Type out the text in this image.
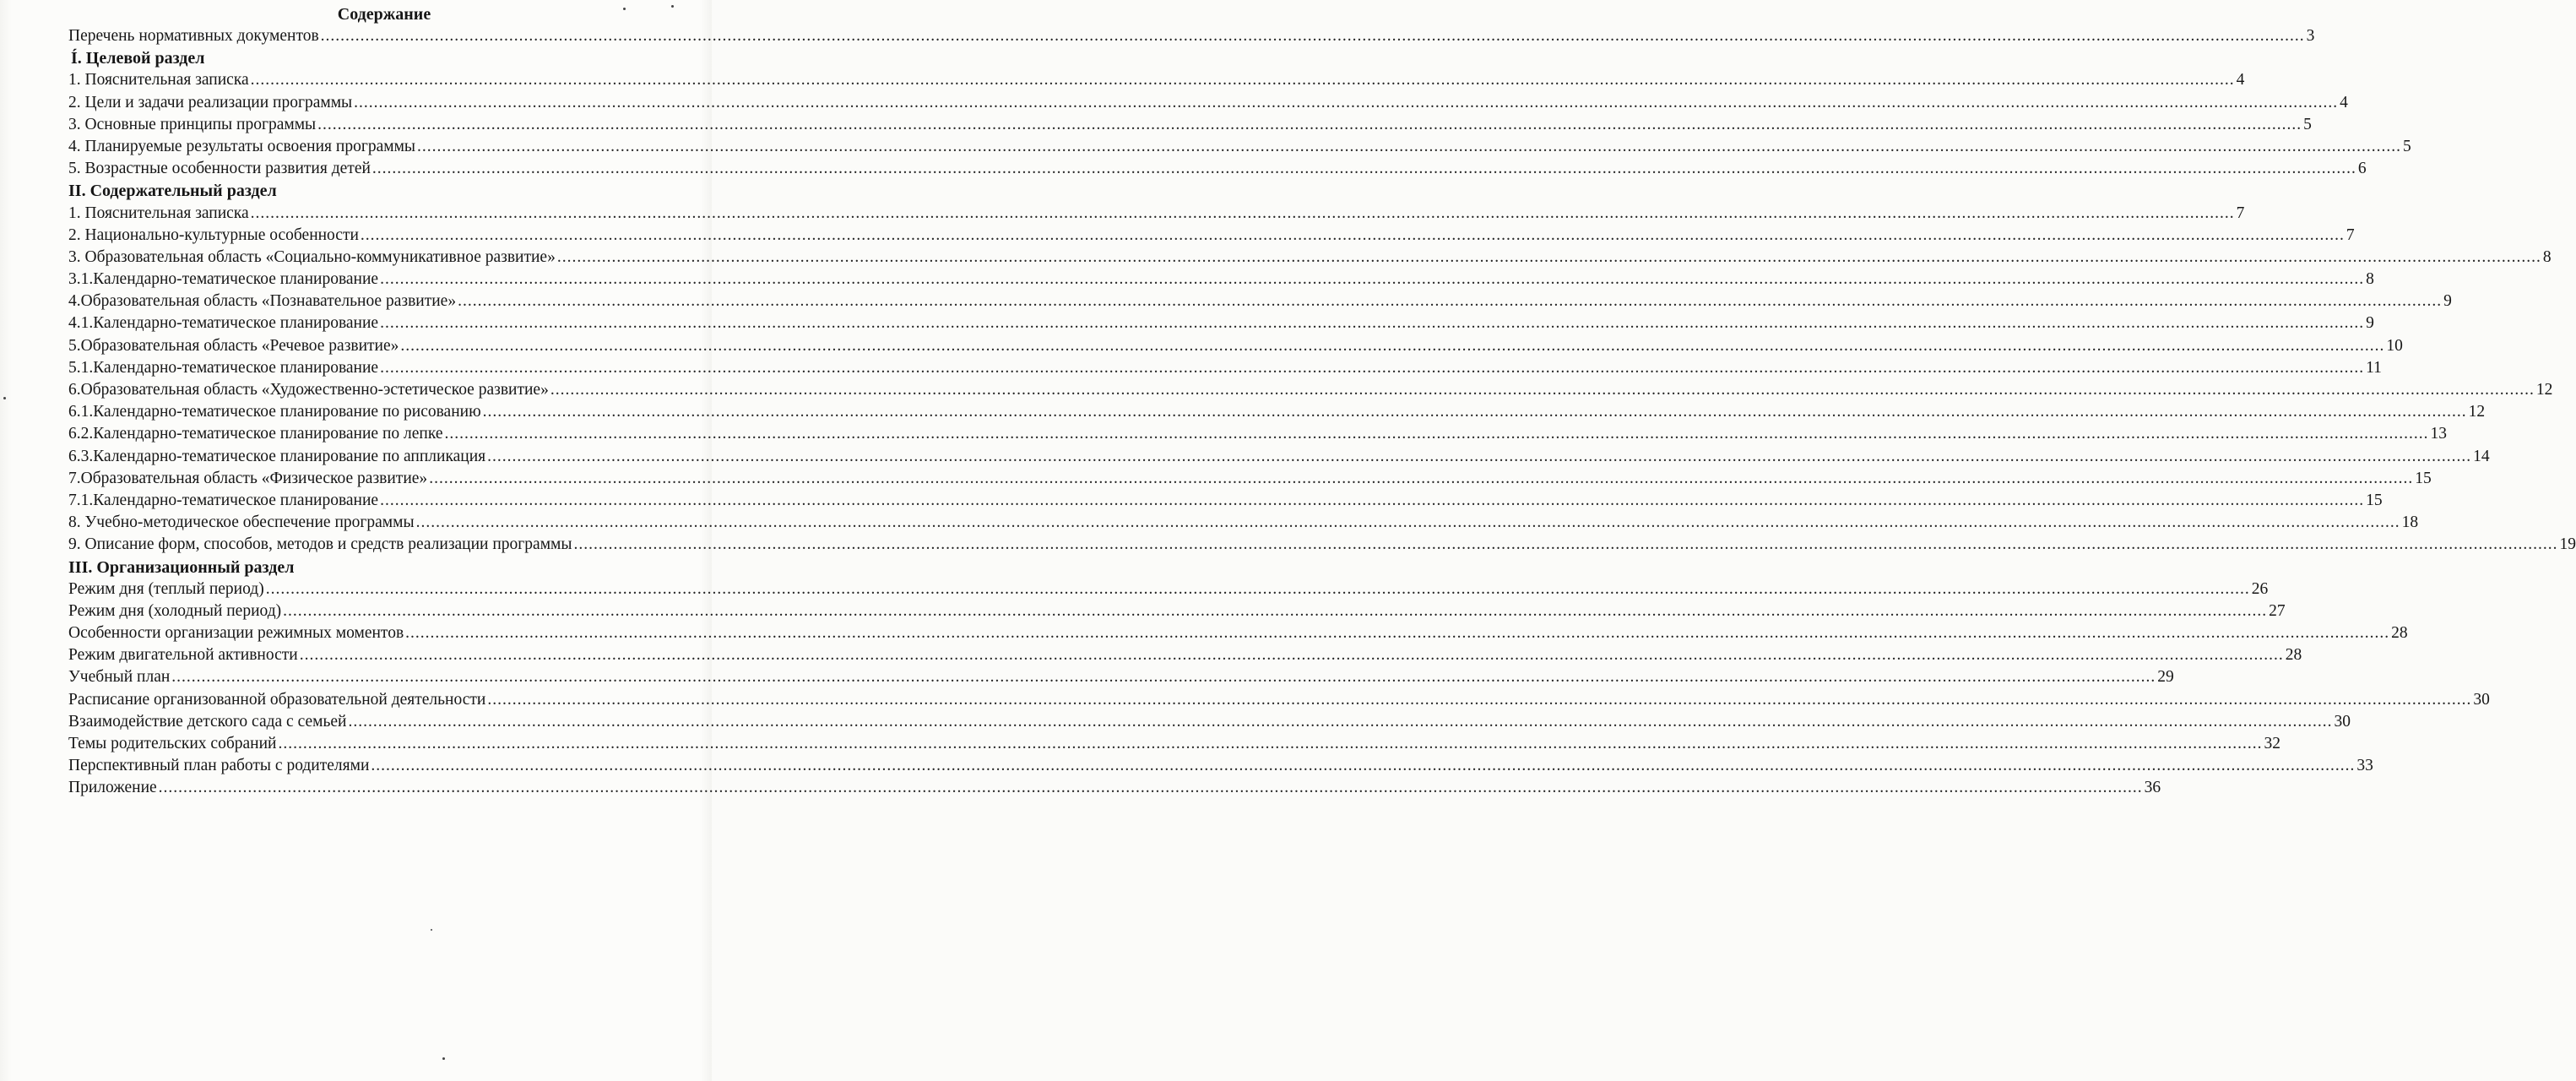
Содержание
Перечень нормативных документов ................................................................................................................................................................................................................................................................................................................................................................................................................ 3
Í. Целевой раздел
1. Пояснительная записка ................................................................................................................................................................................................................................................................................................................................................................................................................ 4
2. Цели и задачи реализации программы ................................................................................................................................................................................................................................................................................................................................................................................................................ 4
3. Основные принципы программы ................................................................................................................................................................................................................................................................................................................................................................................................................ 5
4. Планируемые результаты освоения программы ................................................................................................................................................................................................................................................................................................................................................................................................................ 5
5. Возрастные особенности развития детей ................................................................................................................................................................................................................................................................................................................................................................................................................ 6
II. Содержательный раздел
1. Пояснительная записка ................................................................................................................................................................................................................................................................................................................................................................................................................ 7
2. Национально-культурные особенности ................................................................................................................................................................................................................................................................................................................................................................................................................ 7
3. Образовательная область «Социально-коммуникативное развитие» ................................................................................................................................................................................................................................................................................................................................................................................................................ 8
3.1.Календарно-тематическое планирование ................................................................................................................................................................................................................................................................................................................................................................................................................ 8
4.Образовательная область «Познавательное развитие» ................................................................................................................................................................................................................................................................................................................................................................................................................ 9
4.1.Календарно-тематическое планирование ................................................................................................................................................................................................................................................................................................................................................................................................................ 9
5.Образовательная область «Речевое развитие» ................................................................................................................................................................................................................................................................................................................................................................................................................ 10
5.1.Календарно-тематическое планирование ................................................................................................................................................................................................................................................................................................................................................................................................................ 11
6.Образовательная область «Художественно-эстетическое развитие» ................................................................................................................................................................................................................................................................................................................................................................................................................ 12
6.1.Календарно-тематическое планирование по рисованию ................................................................................................................................................................................................................................................................................................................................................................................................................ 12
6.2.Календарно-тематическое планирование по лепке ................................................................................................................................................................................................................................................................................................................................................................................................................ 13
6.3.Календарно-тематическое планирование по аппликация ................................................................................................................................................................................................................................................................................................................................................................................................................ 14
7.Образовательная область «Физическое развитие» ................................................................................................................................................................................................................................................................................................................................................................................................................ 15
7.1.Календарно-тематическое планирование ................................................................................................................................................................................................................................................................................................................................................................................................................ 15
8. Учебно-методическое обеспечение программы ................................................................................................................................................................................................................................................................................................................................................................................................................ 18
9. Описание форм, способов, методов и средств реализации программы ................................................................................................................................................................................................................................................................................................................................................................................................................ 19
III. Организационный раздел
Режим дня (теплый период) ................................................................................................................................................................................................................................................................................................................................................................................................................ 26
Режим дня (холодный период) ................................................................................................................................................................................................................................................................................................................................................................................................................ 27
Особенности организации режимных моментов ................................................................................................................................................................................................................................................................................................................................................................................................................ 28
Режим двигательной активности ................................................................................................................................................................................................................................................................................................................................................................................................................ 28
Учебный план ................................................................................................................................................................................................................................................................................................................................................................................................................ 29
Расписание организованной образовательной деятельности ................................................................................................................................................................................................................................................................................................................................................................................................................ 30
Взаимодействие детского сада с семьей ................................................................................................................................................................................................................................................................................................................................................................................................................ 30
Темы родительских собраний ................................................................................................................................................................................................................................................................................................................................................................................................................ 32
Перспективный план работы с родителями ................................................................................................................................................................................................................................................................................................................................................................................................................ 33
Приложение ................................................................................................................................................................................................................................................................................................................................................................................................................ 36
